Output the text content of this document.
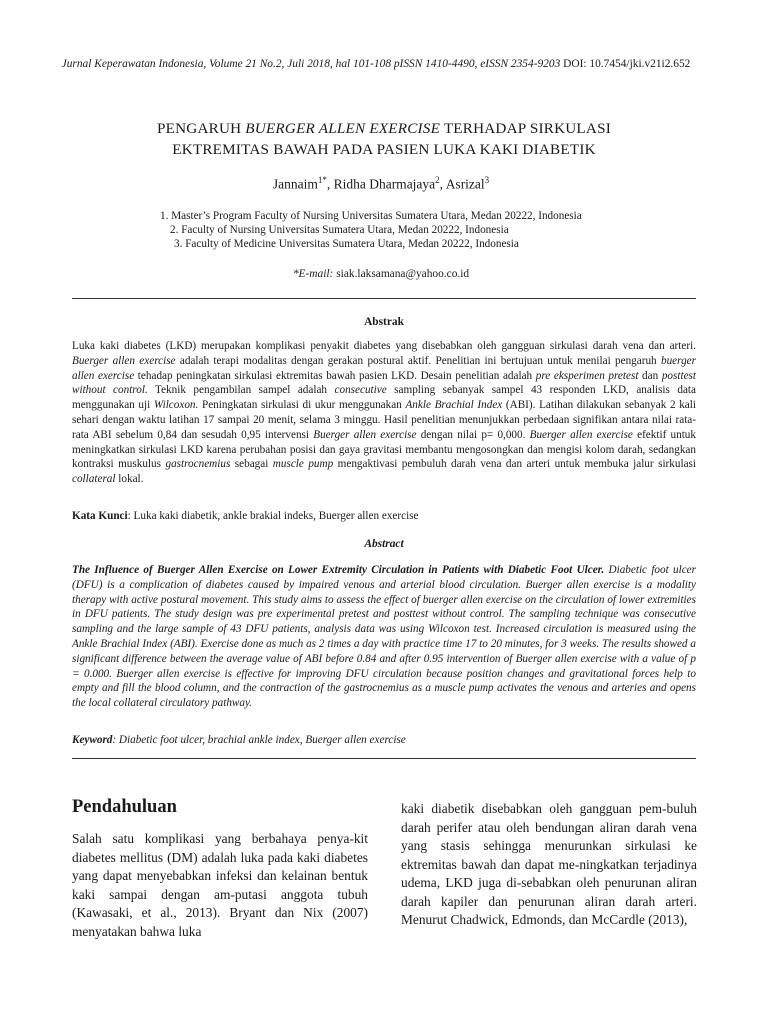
Jurnal Keperawatan Indonesia, Volume 21 No.2, Juli 2018, hal 101-108 pISSN 1410-4490, eISSN 2354-9203 DOI: 10.7454/jki.v21i2.652
PENGARUH BUERGER ALLEN EXERCISE TERHADAP SIRKULASI
EKTREMITAS BAWAH PADA PASIEN LUKA KAKI DIABETIK
Jannaim$^{1*}$, Ridha Dharmajaya$^2$, Asrizal$^3$
1. Master’s Program Faculty of Nursing Universitas Sumatera Utara, Medan 20222, Indonesia
2. Faculty of Nursing Universitas Sumatera Utara, Medan 20222, Indonesia
3. Faculty of Medicine Universitas Sumatera Utara, Medan 20222, Indonesia
*E-mail: siak.laksamana@yahoo.co.id
Abstrak
Luka kaki diabetes (LKD) merupakan komplikasi penyakit diabetes yang disebabkan oleh gangguan sirkulasi darah vena dan arteri. Buerger allen exercise adalah terapi modalitas dengan gerakan postural aktif. Penelitian ini bertujuan untuk menilai pengaruh buerger allen exercise tehadap peningkatan sirkulasi ektremitas bawah pasien LKD. Desain penelitian adalah pre eksperimen pretest dan posttest without control. Teknik pengambilan sampel adalah consecutive sampling sebanyak sampel 43 responden LKD, analisis data menggunakan uji Wilcoxon. Peningkatan sirkulasi di ukur menggunakan Ankle Brachial Index (ABI). Latihan dilakukan sebanyak 2 kali sehari dengan waktu latihan 17 sampai 20 menit, selama 3 minggu. Hasil penelitian menunjukkan perbedaan signifikan antara nilai rata-rata ABI sebelum 0,84 dan sesudah 0,95 intervensi Buerger allen exercise dengan nilai p= 0,000. Buerger allen exercise efektif untuk meningkatkan sirkulasi LKD karena perubahan posisi dan gaya gravitasi membantu mengosongkan dan mengisi kolom darah, sedangkan kontraksi muskulus gastrocnemius sebagai muscle pump mengaktivasi pembuluh darah vena dan arteri untuk membuka jalur sirkulasi collateral lokal.
Kata Kunci: Luka kaki diabetik, ankle brakial indeks, Buerger allen exercise
Abstract
The Influence of Buerger Allen Exercise on Lower Extremity Circulation in Patients with Diabetic Foot Ulcer. Diabetic foot ulcer (DFU) is a complication of diabetes caused by impaired venous and arterial blood circulation. Buerger allen exercise is a modality therapy with active postural movement. This study aims to assess the effect of buerger allen exercise on the circulation of lower extremities in DFU patients. The study design was pre experimental pretest and posttest without control. The sampling technique was consecutive sampling and the large sample of 43 DFU patients, analysis data was using Wilcoxon test. Increased circulation is measured using the Ankle Brachial Index (ABI). Exercise done as much as 2 times a day with practice time 17 to 20 minutes, for 3 weeks. The results showed a significant difference between the average value of ABI before 0.84 and after 0.95 intervention of Buerger allen exercise with a value of p = 0.000. Buerger allen exercise is effective for improving DFU circulation because position changes and gravitational forces help to empty and fill the blood column, and the contraction of the gastrocnemius as a muscle pump activates the venous and arteries and opens the local collateral circulatory pathway.
Keyword: Diabetic foot ulcer, brachial ankle index, Buerger allen exercise
Pendahuluan
Salah satu komplikasi yang berbahaya penya-kit diabetes mellitus (DM) adalah luka pada kaki diabetes yang dapat menyebabkan infeksi dan kelainan bentuk kaki sampai dengan am-putasi anggota tubuh (Kawasaki, et al., 2013). Bryant dan Nix (2007) menyatakan bahwa luka
kaki diabetik disebabkan oleh gangguan pem-buluh darah perifer atau oleh bendungan aliran darah vena yang stasis sehingga menurunkan sirkulasi ke ektremitas bawah dan dapat me-ningkatkan terjadinya udema, LKD juga di-sebabkan oleh penurunan aliran darah kapiler dan penurunan aliran darah arteri. Menurut Chadwick, Edmonds, dan McCardle (2013),
